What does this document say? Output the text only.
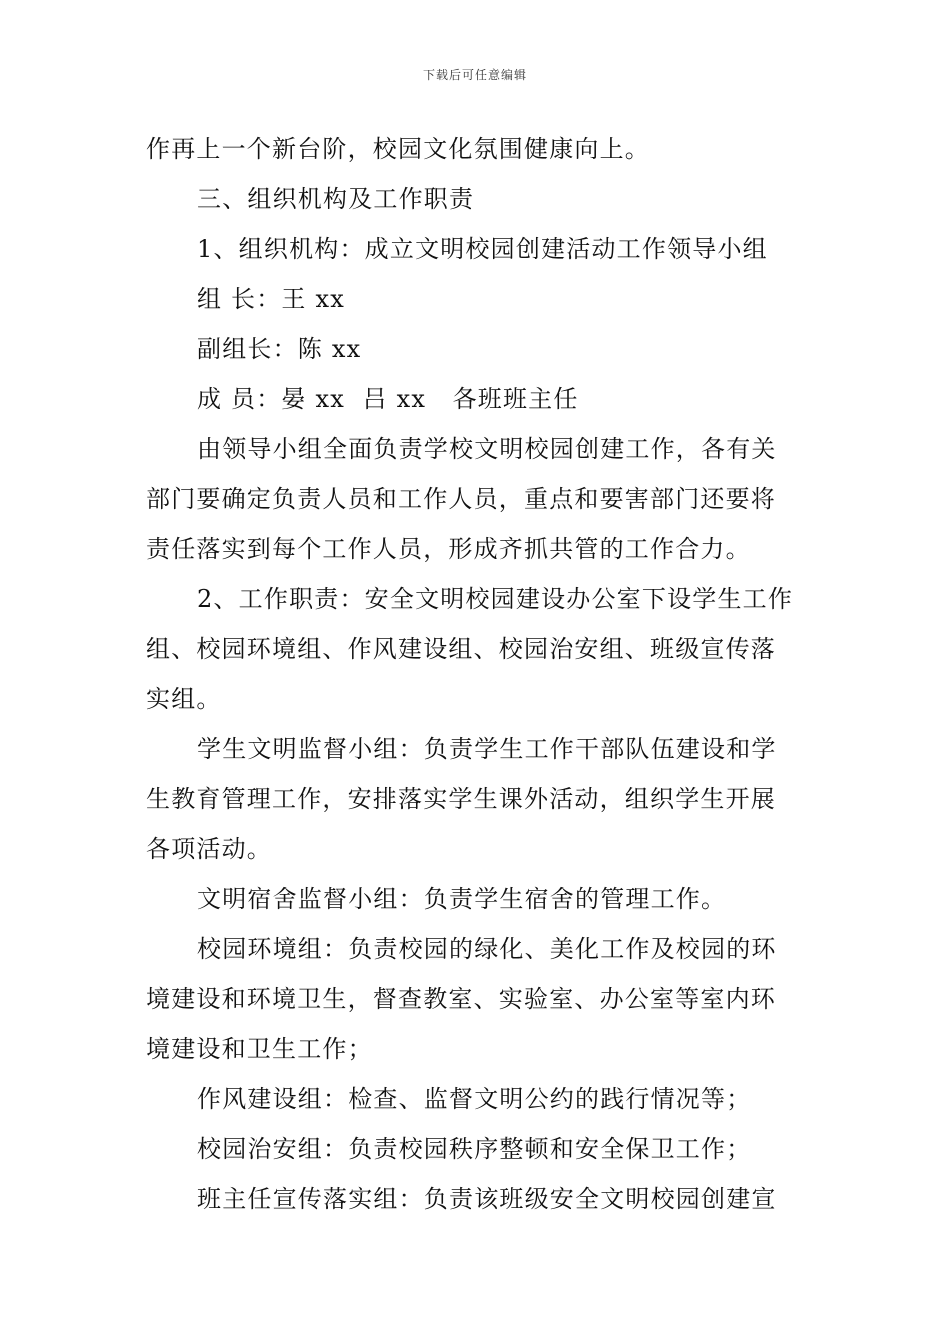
下载后可任意编辑
作再上一个新台阶，校园文化氛围健康向上。
三、组织机构及工作职责
1、组织机构：成立文明校园创建活动工作领导小组
组 长：王 xx
副组长：陈 xx
成 员：晏 xx  吕 xx   各班班主任
由领导小组全面负责学校文明校园创建工作，各有关
部门要确定负责人员和工作人员，重点和要害部门还要将
责任落实到每个工作人员，形成齐抓共管的工作合力。
2、工作职责：安全文明校园建设办公室下设学生工作
组、校园环境组、作风建设组、校园治安组、班级宣传落
实组。
学生文明监督小组：负责学生工作干部队伍建设和学
生教育管理工作，安排落实学生课外活动，组织学生开展
各项活动。
文明宿舍监督小组：负责学生宿舍的管理工作。
校园环境组：负责校园的绿化、美化工作及校园的环
境建设和环境卫生，督查教室、实验室、办公室等室内环
境建设和卫生工作；
作风建设组：检查、监督文明公约的践行情况等；
校园治安组：负责校园秩序整顿和安全保卫工作；
班主任宣传落实组：负责该班级安全文明校园创建宣
